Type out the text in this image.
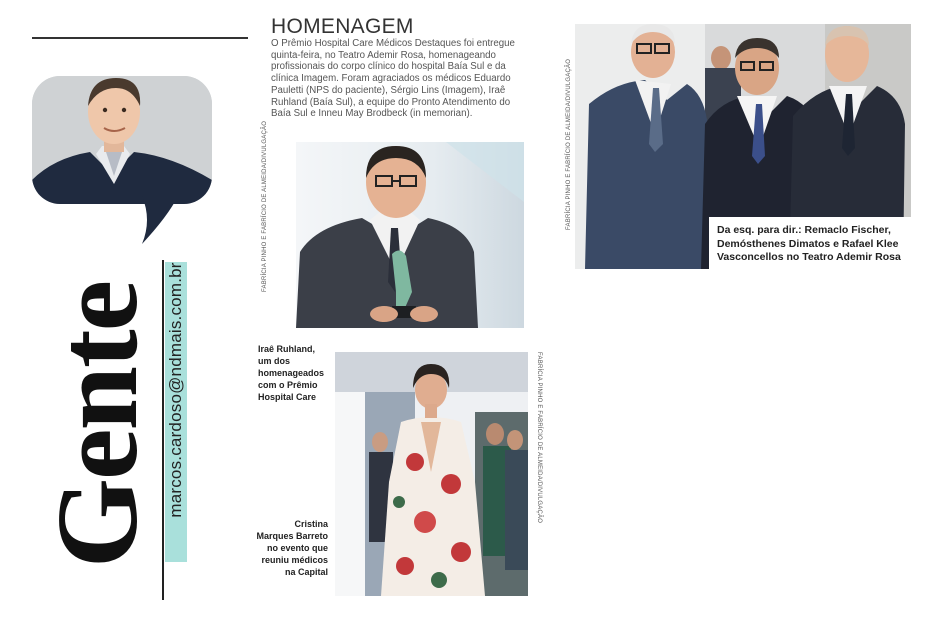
marcos.cardoso@ndmais.com.br
Gente
HOMENAGEM
O Prêmio Hospital Care Médicos Destaques foi entregue quinta-feira, no Teatro Ademir Rosa, homenageando profissionais do corpo clínico do hospital Baía Sul e da clínica Imagem. Foram agraciados os médicos Eduardo Pauletti (NPS do paciente), Sérgio Lins (Imagem), Iraê Ruhland (Baía Sul), a equipe do Pronto Atendimento do Baía Sul e Inneu May Brodbeck (in memorian).
FABRÍCIA PINHO E FABRÍCIO DE ALMEIDA/DIVULGAÇÃO
FABRÍCIA PINHO E FABRÍCIO DE ALMEIDA/DIVULGAÇÃO
Iraê Ruhland, um dos homenageados com o Prêmio Hospital Care
Cristina Marques Barreto no evento que reuniu médicos na Capital
Da esq. para dir.: Remaclo Fischer, Demósthenes Dimatos e Rafael Klee Vasconcellos no Teatro Ademir Rosa
FABRÍCIA PINHO E FABRÍCIO DE ALMEIDA/DIVULGAÇÃO
